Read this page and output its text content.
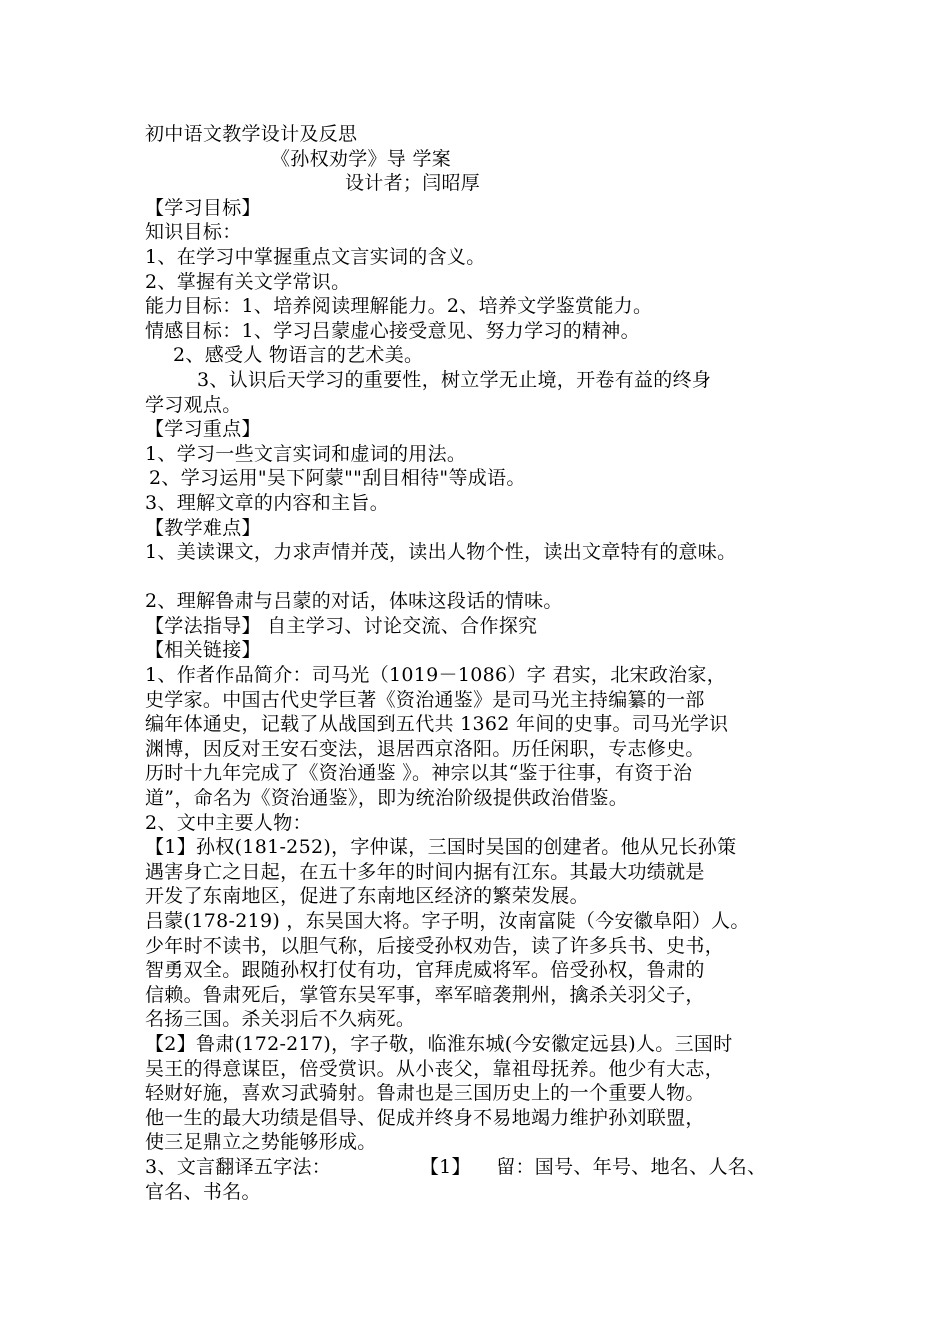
初中语文教学设计及反思
《孙权劝学》导 学案
设计者；闫昭厚
【学习目标】
知识目标：
1、在学习中掌握重点文言实词的含义。
2、掌握有关文学常识。
能力目标：1、培养阅读理解能力。2、培养文学鉴赏能力。
情感目标：1、学习吕蒙虚心接受意见、努力学习的精神。
2、感受人 物语言的艺术美。
3、认识后天学习的重要性，树立学无止境，开卷有益的终身
学习观点。
【学习重点】
1、学习一些文言实词和虚词的用法。
2、学习运用"吴下阿蒙""刮目相待"等成语。
3、理解文章的内容和主旨。
【教学难点】
1、美读课文，力求声情并茂，读出人物个性，读出文章特有的意味。
2、理解鲁肃与吕蒙的对话，体味这段话的情味。
【学法指导】 自主学习、讨论交流、合作探究
【相关链接】
1、作者作品简介：司马光（1019－1086）字 君实，北宋政治家，
史学家。中国古代史学巨著《资治通鉴》是司马光主持编纂的一部
编年体通史，记载了从战国到五代共 1362 年间的史事。司马光学识
渊博，因反对王安石变法，退居西京洛阳。历任闲职，专志修史。
历时十九年完成了《资治通鉴 》。神宗以其“鉴于往事，有资于治
道”，命名为《资治通鉴》，即为统治阶级提供政治借鉴。
2、文中主要人物：
【1】孙权(181-252)，字仲谋，三国时吴国的创建者。他从兄长孙策
遇害身亡之日起，在五十多年的时间内据有江东。其最大功绩就是
开发了东南地区，促进了东南地区经济的繁荣发展。
吕蒙(178-219) ，东吴国大将。字子明，汝南富陡（今安徽阜阳）人。
少年时不读书，以胆气称，后接受孙权劝告，读了许多兵书、史书，
智勇双全。跟随孙权打仗有功，官拜虎威将军。倍受孙权，鲁肃的
信赖。鲁肃死后，掌管东吴军事，率军暗袭荆州，擒杀关羽父子，
名扬三国。杀关羽后不久病死。
【2】鲁肃(172-217)，字子敬，临淮东城(今安徽定远县)人。三国时
吴王的得意谋臣，倍受赏识。从小丧父，靠祖母抚养。他少有大志，
轻财好施，喜欢习武骑射。鲁肃也是三国历史上的一个重要人物。
他一生的最大功绩是倡导、促成并终身不易地竭力维护孙刘联盟，
使三足鼎立之势能够形成。
3、文言翻译五字法：              【1】    留：国号、年号、地名、人名、
官名、书名。
